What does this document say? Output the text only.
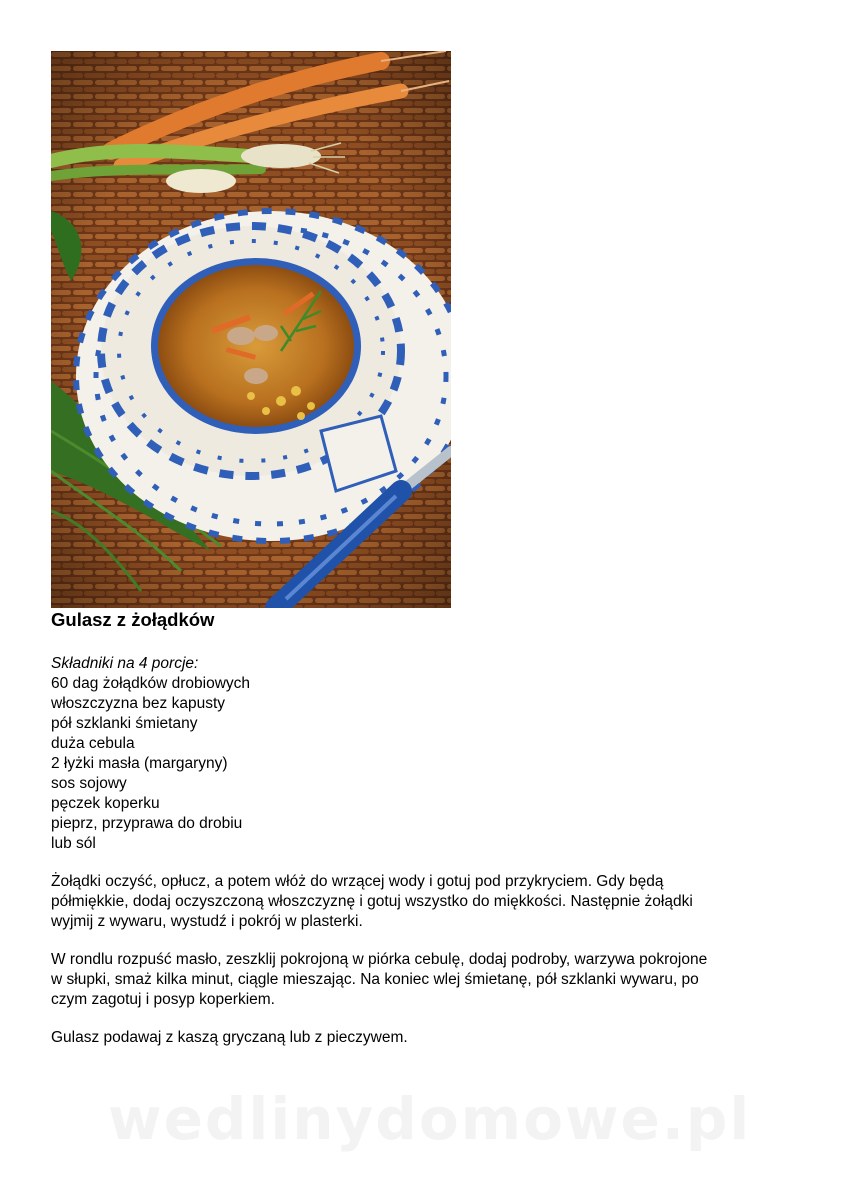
Gulasz z żołądków
Składniki na 4 porcje:
60 dag żołądków drobiowych
włoszczyzna bez kapusty
pół szklanki śmietany
duża cebula
2 łyżki masła (margaryny)
sos sojowy
pęczek koperku
pieprz, przyprawa do drobiu
lub sól
Żołądki oczyść, opłucz, a potem włóż do wrzącej wody i gotuj pod przykryciem. Gdy będą
półmiękkie, dodaj oczyszczoną włoszczyznę i gotuj wszystko do miękkości. Następnie żołądki
wyjmij z wywaru, wystudź i pokrój w plasterki.
W rondlu rozpuść masło, zeszklij pokrojoną w piórka cebulę, dodaj podroby, warzywa pokrojone
w słupki, smaż kilka minut, ciągle mieszając. Na koniec wlej śmietanę, pół szklanki wywaru, po
czym zagotuj i posyp koperkiem.
Gulasz podawaj z kaszą gryczaną lub z pieczywem.
wedlinydomowe.pl
